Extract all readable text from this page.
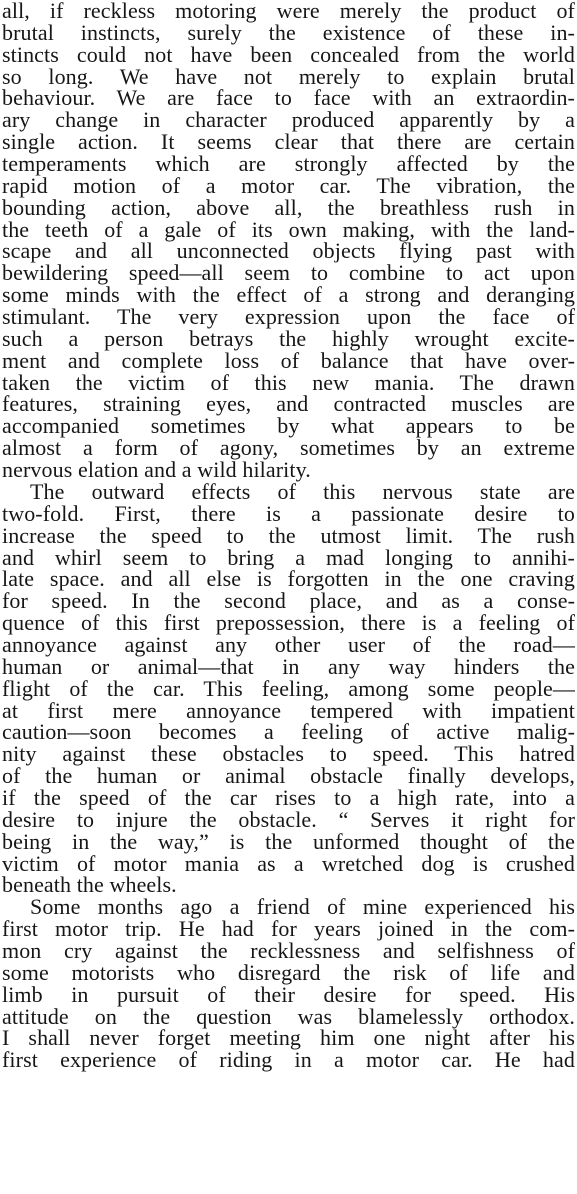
all, if reckless motoring were merely the product of
brutal instincts, surely the existence of these in-
stincts could not have been concealed from the world
so long. We have not merely to explain brutal
behaviour. We are face to face with an extraordin-
ary change in character produced apparently by a
single action. It seems clear that there are certain
temperaments which are strongly affected by the
rapid motion of a motor car. The vibration, the
bounding action, above all, the breathless rush in
the teeth of a gale of its own making, with the land-
scape and all unconnected objects flying past with
bewildering speed—all seem to combine to act upon
some minds with the effect of a strong and deranging
stimulant. The very expression upon the face of
such a person betrays the highly wrought excite-
ment and complete loss of balance that have over-
taken the victim of this new mania. The drawn
features, straining eyes, and contracted muscles are
accompanied sometimes by what appears to be
almost a form of agony, sometimes by an extreme
nervous elation and a wild hilarity.
The outward effects of this nervous state are
two-fold. First, there is a passionate desire to
increase the speed to the utmost limit. The rush
and whirl seem to bring a mad longing to annihi-
late space. and all else is forgotten in the one craving
for speed. In the second place, and as a conse-
quence of this first prepossession, there is a feeling of
annoyance against any other user of the road—
human or animal—that in any way hinders the
flight of the car. This feeling, among some people—
at first mere annoyance tempered with impatient
caution—soon becomes a feeling of active malig-
nity against these obstacles to speed. This hatred
of the human or animal obstacle finally develops,
if the speed of the car rises to a high rate, into a
desire to injure the obstacle. “ Serves it right for
being in the way,” is the unformed thought of the
victim of motor mania as a wretched dog is crushed
beneath the wheels.
Some months ago a friend of mine experienced his
first motor trip. He had for years joined in the com-
mon cry against the recklessness and selfishness of
some motorists who disregard the risk of life and
limb in pursuit of their desire for speed. His
attitude on the question was blamelessly orthodox.
I shall never forget meeting him one night after his
first experience of riding in a motor car. He had
